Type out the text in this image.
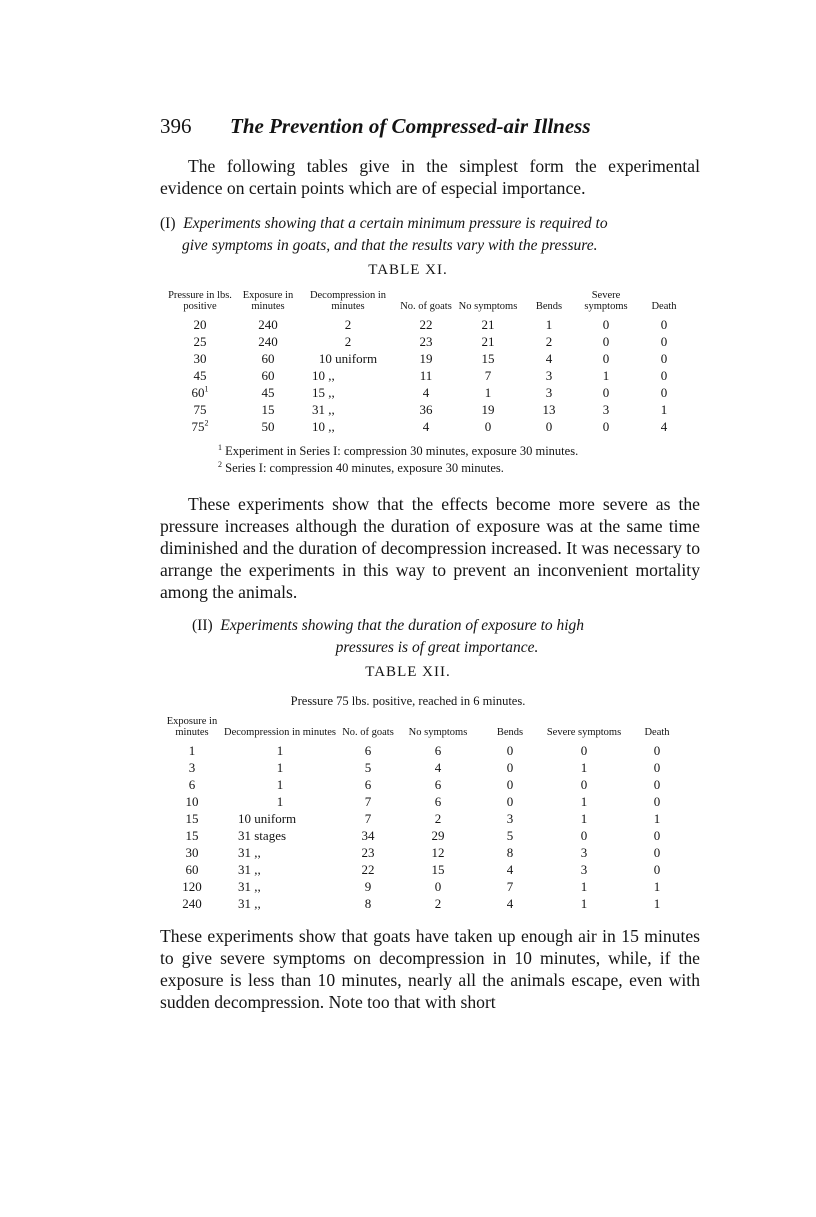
396 The Prevention of Compressed-air Illness

The following tables give in the simplest form the experimental evidence on certain points which are of especial importance.

(I) Experiments showing that a certain minimum pressure is required to
give symptoms in goats, and that the results vary with the pressure.
TABLE XI.
Pressure in lbs. positive	Exposure in minutes	Decompression in minutes	No. of goats	No symptoms	Bends	Severe symptoms	Death
20	240	2	22	21	1	0	0
25	240	2	23	21	2	0	0
30	60	10 uniform	19	15	4	0	0
45	60	10 ,,	11	7	3	1	0
$60^1$	45	15 ,,	4	1	3	0	0
75	15	31 ,,	36	19	13	3	1
$75^2$	50	10 ,,	4	0	0	0	4
$^1$ Experiment in Series I: compression 30 minutes, exposure 30 minutes.
$^2$ Series I: compression 40 minutes, exposure 30 minutes.

These experiments show that the effects become more severe as the pressure increases although the duration of exposure was at the same time diminished and the duration of decompression increased. It was necessary to arrange the experiments in this way to prevent an inconvenient mortality among the animals.

(II) Experiments showing that the duration of exposure to high
pressures is of great importance.
TABLE XII.
Pressure 75 lbs. positive, reached in 6 minutes.
Exposure in minutes	Decompression in minutes	No. of goats	No symptoms	Bends	Severe symptoms	Death
1	1	6	6	0	0	0
3	1	5	4	0	1	0
6	1	6	6	0	0	0
10	1	7	6	0	1	0
15	10 uniform	7	2	3	1	1
15	31 stages	34	29	5	0	0
30	31 ,,	23	12	8	3	0
60	31 ,,	22	15	4	3	0
120	31 ,,	9	0	7	1	1
240	31 ,,	8	2	4	1	1

These experiments show that goats have taken up enough air in 15 minutes to give severe symptoms on decompression in 10 minutes, while, if the exposure is less than 10 minutes, nearly all the animals escape, even with sudden decompression. Note too that with short
